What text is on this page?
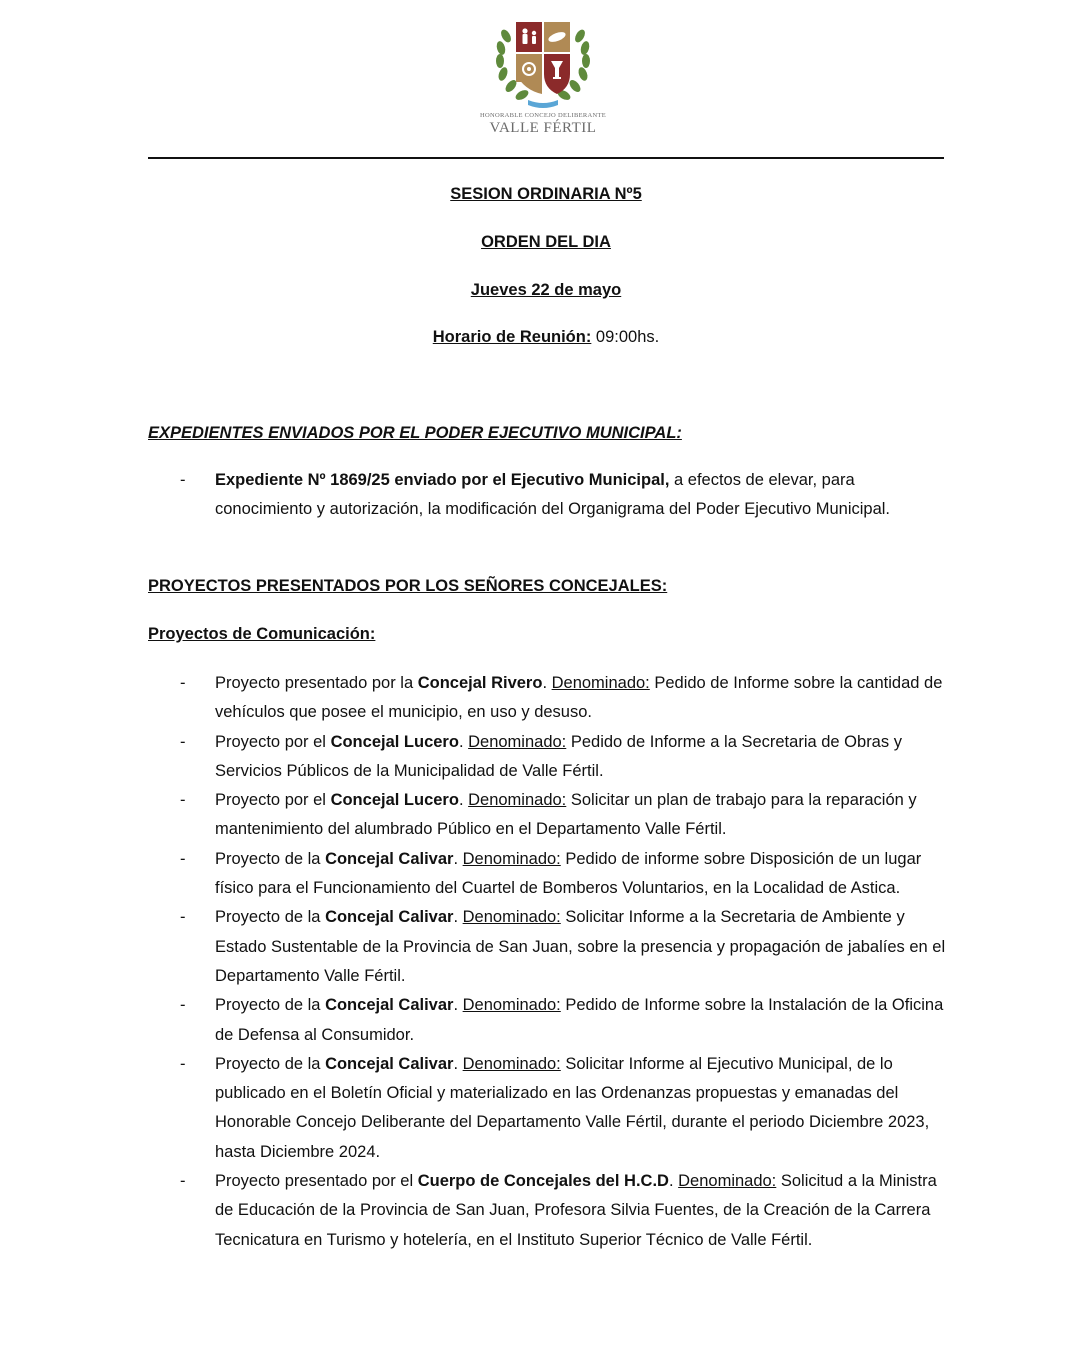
HONORABLE CONCEJO DELIBERANTE
VALLE FÉRTIL
SESION ORDINARIA Nº5
ORDEN DEL DIA
Jueves 22 de mayo
Horario de Reunión: 09:00hs.
EXPEDIENTES ENVIADOS POR EL PODER EJECUTIVO MUNICIPAL:
- Expediente Nº 1869/25 enviado por el Ejecutivo Municipal, a efectos de elevar, para conocimiento y autorización, la modificación del Organigrama del Poder Ejecutivo Municipal.
PROYECTOS PRESENTADOS POR LOS SEÑORES CONCEJALES:
Proyectos de Comunicación:
- Proyecto presentado por la Concejal Rivero. Denominado: Pedido de Informe sobre la cantidad de vehículos que posee el municipio, en uso y desuso.
- Proyecto por el Concejal Lucero. Denominado: Pedido de Informe a la Secretaria de Obras y Servicios Públicos de la Municipalidad de Valle Fértil.
- Proyecto por el Concejal Lucero. Denominado: Solicitar un plan de trabajo para la reparación y mantenimiento del alumbrado Público en el Departamento Valle Fértil.
- Proyecto de la Concejal Calivar. Denominado: Pedido de informe sobre Disposición de un lugar físico para el Funcionamiento del Cuartel de Bomberos Voluntarios, en la Localidad de Astica.
- Proyecto de la Concejal Calivar. Denominado: Solicitar Informe a la Secretaria de Ambiente y Estado Sustentable de la Provincia de San Juan, sobre la presencia y propagación de jabalíes en el Departamento Valle Fértil.
- Proyecto de la Concejal Calivar. Denominado: Pedido de Informe sobre la Instalación de la Oficina de Defensa al Consumidor.
- Proyecto de la Concejal Calivar. Denominado: Solicitar Informe al Ejecutivo Municipal, de lo publicado en el Boletín Oficial y materializado en las Ordenanzas propuestas y emanadas del Honorable Concejo Deliberante del Departamento Valle Fértil, durante el periodo Diciembre 2023, hasta Diciembre 2024.
- Proyecto presentado por el Cuerpo de Concejales del H.C.D. Denominado: Solicitud a la Ministra de Educación de la Provincia de San Juan, Profesora Silvia Fuentes, de la Creación de la Carrera Tecnicatura en Turismo y hotelería, en el Instituto Superior Técnico de Valle Fértil.
